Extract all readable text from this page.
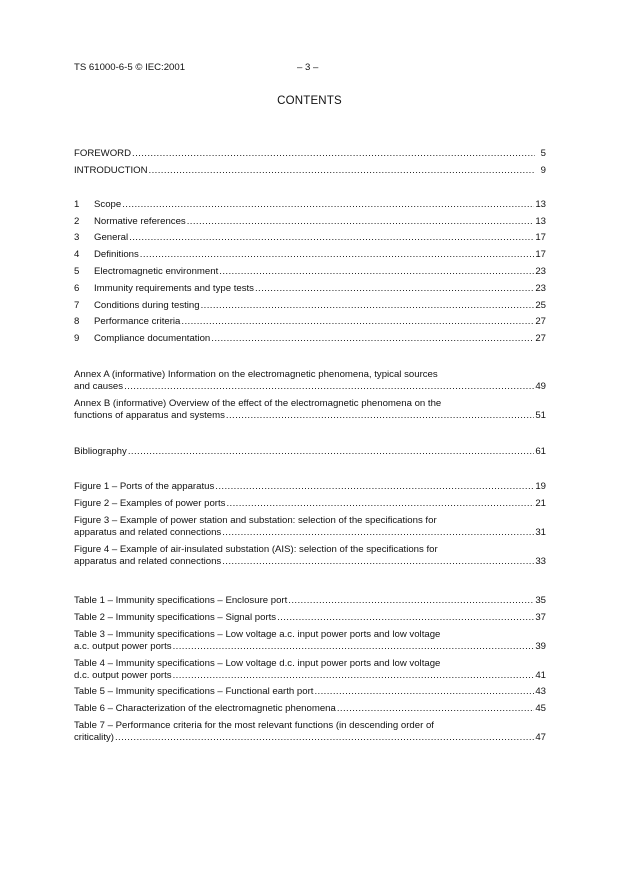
TS 61000-6-5 © IEC:2001	– 3 –
CONTENTS
FOREWORD .....	5
INTRODUCTION .....	9
1	Scope .....	13
2	Normative references .....	13
3	General .....	17
4	Definitions .....	17
5	Electromagnetic environment .....	23
6	Immunity requirements and type tests .....	23
7	Conditions during testing .....	25
8	Performance criteria .....	27
9	Compliance documentation .....	27
Annex A (informative) Information on the electromagnetic phenomena, typical sources
and causes .....	49
Annex B (informative) Overview of the effect of the electromagnetic phenomena on the
functions of apparatus and systems .....	51
Bibliography .....	61
Figure 1 – Ports of the apparatus .....	19
Figure 2 – Examples of power ports .....	21
Figure 3 – Example of power station and substation: selection of the specifications for
apparatus and related connections .....	31
Figure 4 – Example of air-insulated substation (AIS): selection of the specifications for
apparatus and related connections .....	33
Table 1 – Immunity specifications – Enclosure port .....	35
Table 2 – Immunity specifications – Signal ports .....	37
Table 3 – Immunity specifications – Low voltage a.c. input power ports and low voltage
a.c. output power ports .....	39
Table 4 – Immunity specifications – Low voltage d.c. input power ports and low voltage
d.c. output power ports .....	41
Table 5 – Immunity specifications – Functional earth port .....	43
Table 6 – Characterization of the electromagnetic phenomena .....	45
Table 7 – Performance criteria for the most relevant functions (in descending order of
criticality) .....	47
